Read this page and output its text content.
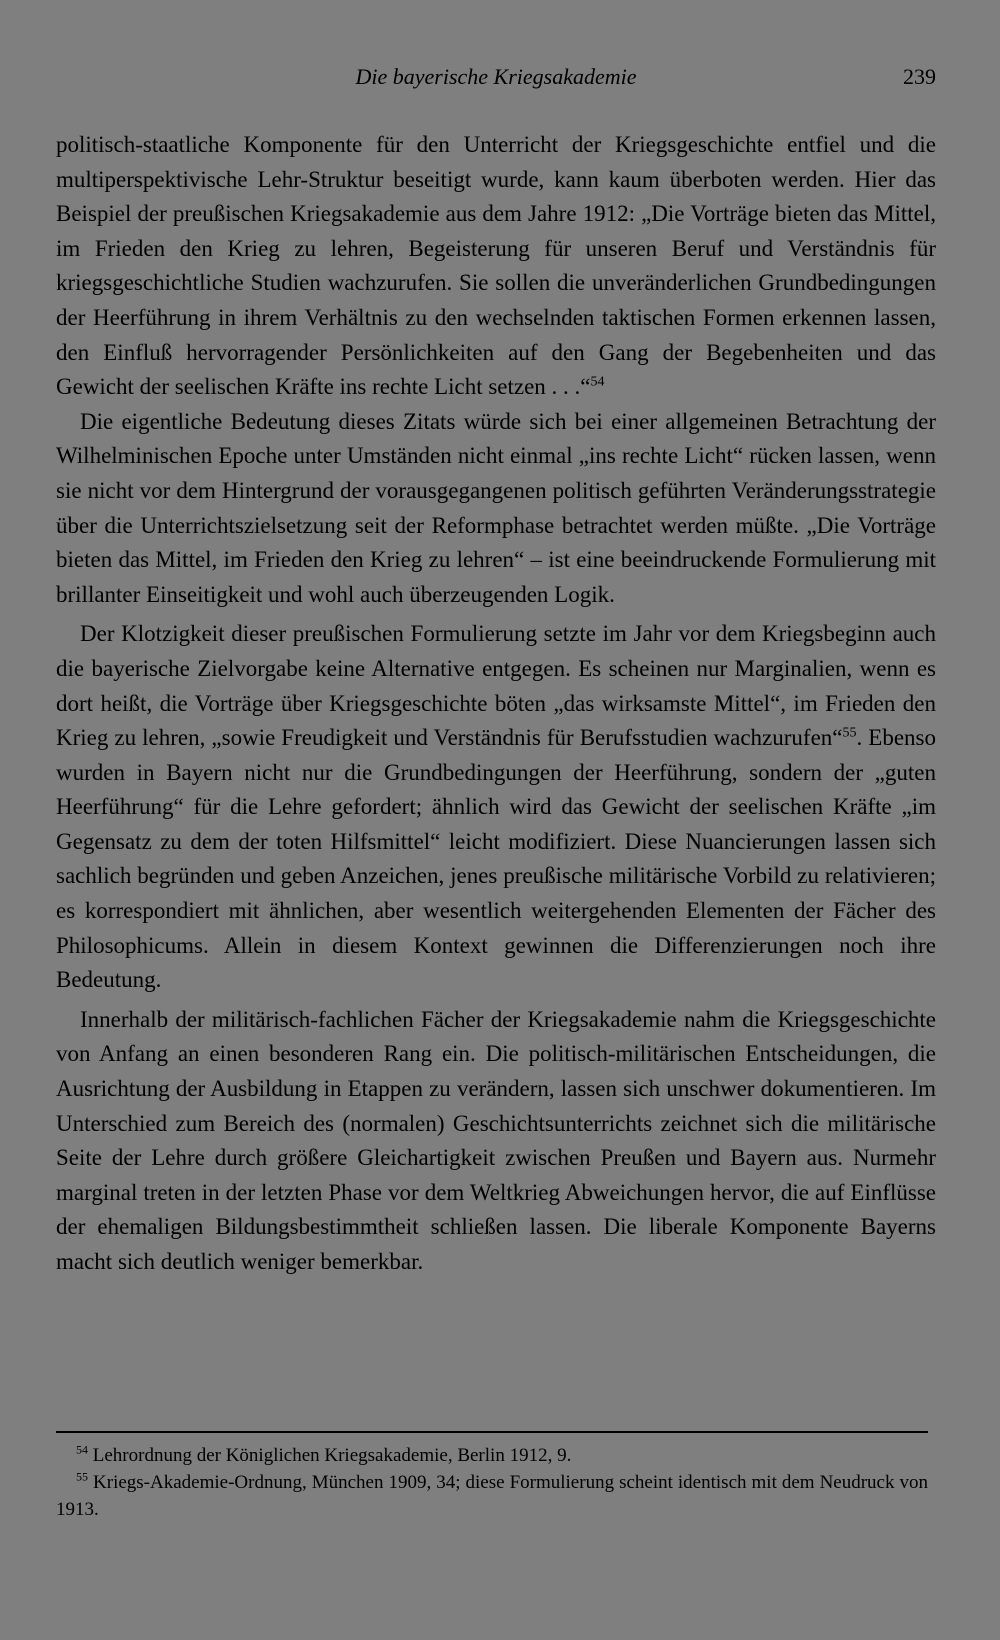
Die bayerische Kriegsakademie	239

politisch-staatliche Komponente für den Unterricht der Kriegsgeschichte entfiel und die multiperspektivische Lehr-Struktur beseitigt wurde, kann kaum überboten werden. Hier das Beispiel der preußischen Kriegsakademie aus dem Jahre 1912: „Die Vorträge bieten das Mittel, im Frieden den Krieg zu lehren, Begeisterung für unseren Beruf und Verständnis für kriegsgeschichtliche Studien wachzurufen. Sie sollen die unveränderlichen Grundbedingungen der Heerführung in ihrem Verhältnis zu den wechselnden taktischen Formen erkennen lassen, den Einfluß hervorragender Persönlichkeiten auf den Gang der Begebenheiten und das Gewicht der seelischen Kräfte ins rechte Licht setzen . . .“$^{54}$

Die eigentliche Bedeutung dieses Zitats würde sich bei einer allgemeinen Betrachtung der Wilhelminischen Epoche unter Umständen nicht einmal „ins rechte Licht“ rücken lassen, wenn sie nicht vor dem Hintergrund der vorausgegangenen politisch geführten Veränderungsstrategie über die Unterrichtszielsetzung seit der Reformphase betrachtet werden müßte. „Die Vorträge bieten das Mittel, im Frieden den Krieg zu lehren“ – ist eine beeindruckende Formulierung mit brillanter Einseitigkeit und wohl auch überzeugenden Logik.

Der Klotzigkeit dieser preußischen Formulierung setzte im Jahr vor dem Kriegsbeginn auch die bayerische Zielvorgabe keine Alternative entgegen. Es scheinen nur Marginalien, wenn es dort heißt, die Vorträge über Kriegsgeschichte böten „das wirksamste Mittel“, im Frieden den Krieg zu lehren, „sowie Freudigkeit und Verständnis für Berufsstudien wachzurufen“$^{55}$. Ebenso wurden in Bayern nicht nur die Grundbedingungen der Heerführung, sondern der „guten Heerführung“ für die Lehre gefordert; ähnlich wird das Gewicht der seelischen Kräfte „im Gegensatz zu dem der toten Hilfsmittel“ leicht modifiziert. Diese Nuancierungen lassen sich sachlich begründen und geben Anzeichen, jenes preußische militärische Vorbild zu relativieren; es korrespondiert mit ähnlichen, aber wesentlich weitergehenden Elementen der Fächer des Philosophicums. Allein in diesem Kontext gewinnen die Differenzierungen noch ihre Bedeutung.

Innerhalb der militärisch-fachlichen Fächer der Kriegsakademie nahm die Kriegsgeschichte von Anfang an einen besonderen Rang ein. Die politisch-militärischen Entscheidungen, die Ausrichtung der Ausbildung in Etappen zu verändern, lassen sich unschwer dokumentieren. Im Unterschied zum Bereich des (normalen) Geschichtsunterrichts zeichnet sich die militärische Seite der Lehre durch größere Gleichartigkeit zwischen Preußen und Bayern aus. Nurmehr marginal treten in der letzten Phase vor dem Weltkrieg Abweichungen hervor, die auf Einflüsse der ehemaligen Bildungsbestimmtheit schließen lassen. Die liberale Komponente Bayerns macht sich deutlich weniger bemerkbar.

$^{54}$ Lehrordnung der Königlichen Kriegsakademie, Berlin 1912, 9.

$^{55}$ Kriegs-Akademie-Ordnung, München 1909, 34; diese Formulierung scheint identisch mit dem Neudruck von 1913.
